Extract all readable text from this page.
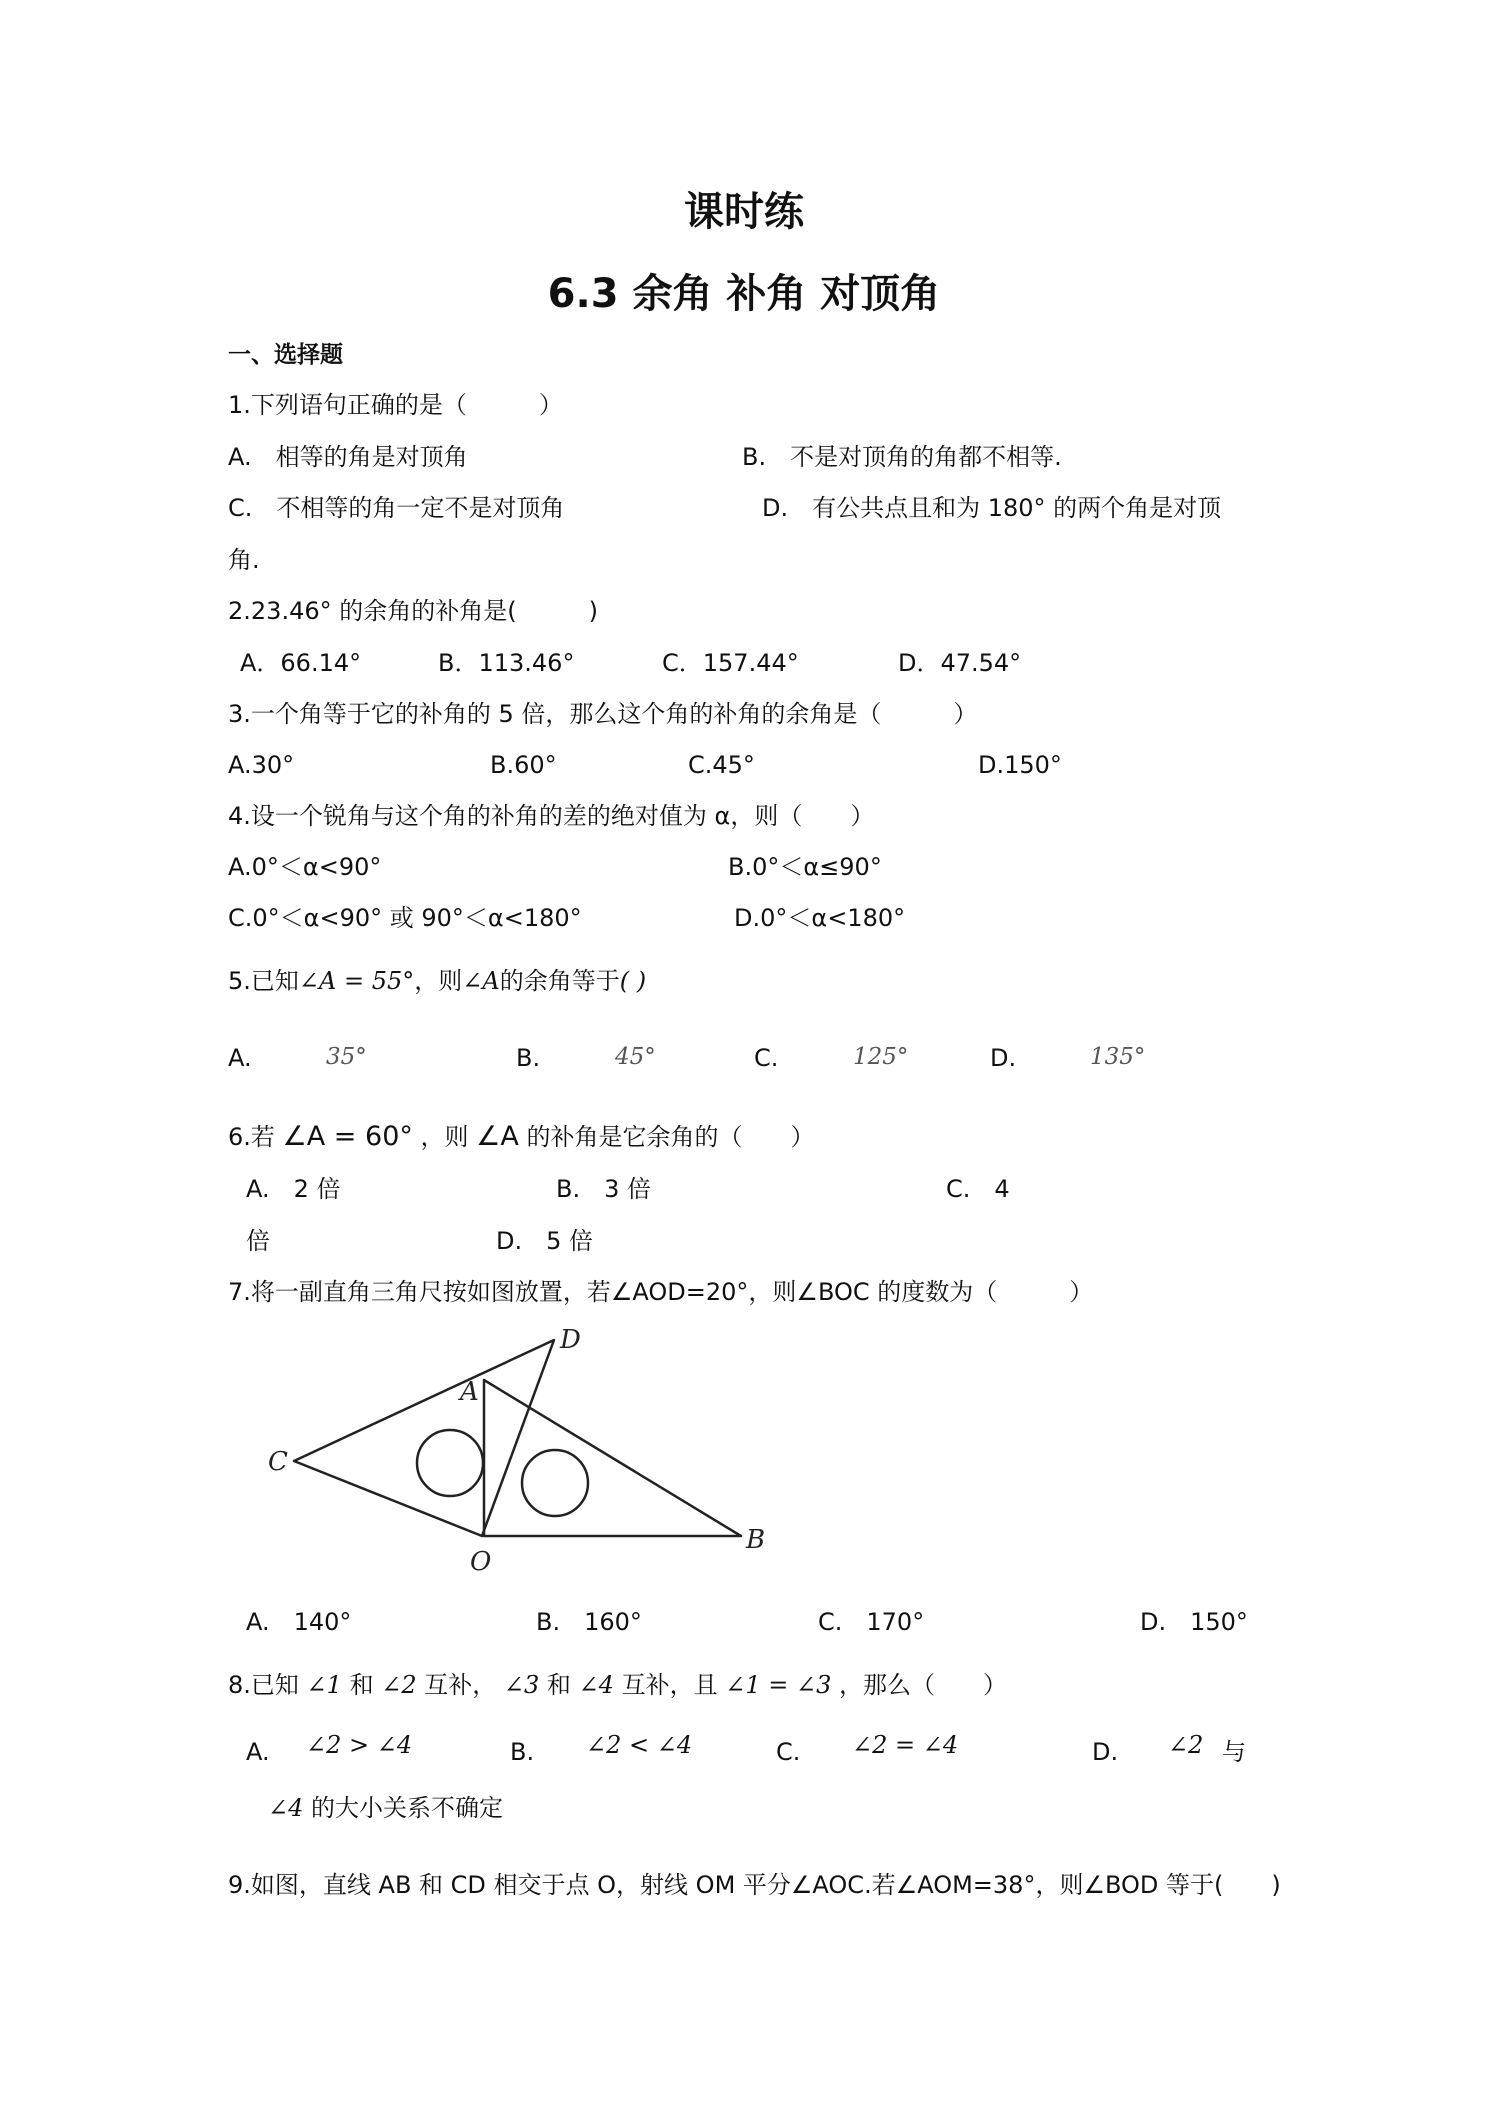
课时练
6.3 余角 补角 对顶角
一、选择题
1.下列语句正确的是（　　　）
A.　相等的角是对顶角	B.　不是对顶角的角都不相等.
C.　不相等的角一定不是对顶角	D.　有公共点且和为 180° 的两个角是对顶
角.
2.23.46° 的余角的补角是(　　　)
A．66.14°	B．113.46°	C．157.44°	D．47.54°
3.一个角等于它的补角的 5 倍，那么这个角的补角的余角是（　　　）
A.30°	B.60°	C.45°	D.150°
4.设一个锐角与这个角的补角的差的绝对值为 α，则（　　）
A.0°＜α<90°	B.0°＜α≤90°
C.0°＜α<90° 或 90°＜α<180°	D.0°＜α<180°
5.已知∠A = 55°，则∠A的余角等于( )
A.	35°	B.	45°	C.	125°	D.	135°
6.若 ∠A = 60° ，则 ∠A 的补角是它余角的（　　）
A.　2 倍	B.　3 倍	C.　4
倍	D.　5 倍
7.将一副直角三角尺按如图放置，若∠AOD=20°，则∠BOC 的度数为（　　　）
D
A
C
O
B
A.　140°	B.　160°	C.　170°	D.　150°
8.已知 ∠1 和 ∠2 互补， ∠3 和 ∠4 互补，且 ∠1 = ∠3 ，那么（　　）
A. ∠2 > ∠4	B. ∠2 < ∠4	C. ∠2 = ∠4	D. ∠2 与
∠4 的大小关系不确定
9.如图，直线 AB 和 CD 相交于点 O，射线 OM 平分∠AOC.若∠AOM=38°，则∠BOD 等于(　　)
